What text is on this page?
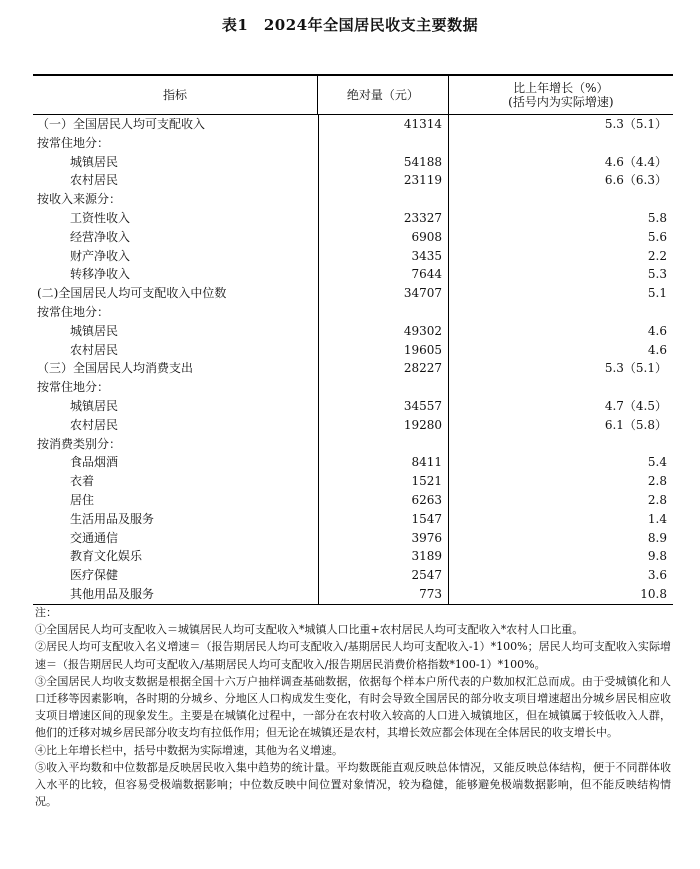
表1　2024年全国居民收支主要数据
指标	绝对量（元）	比上年增长（%）
(括号内为实际增速)
（一）全国居民人均可支配收入	41314	5.3（5.1）
按常住地分：
城镇居民	54188	4.6（4.4）
农村居民	23119	6.6（6.3）
按收入来源分：
工资性收入	23327	5.8
经营净收入	6908	5.6
财产净收入	3435	2.2
转移净收入	7644	5.3
(二)全国居民人均可支配收入中位数	34707	5.1
按常住地分：
城镇居民	49302	4.6
农村居民	19605	4.6
（三）全国居民人均消费支出	28227	5.3（5.1）
按常住地分：
城镇居民	34557	4.7（4.5）
农村居民	19280	6.1（5.8）
按消费类别分：
食品烟酒	8411	5.4
衣着	1521	2.8
居住	6263	2.8
生活用品及服务	1547	1.4
交通通信	3976	8.9
教育文化娱乐	3189	9.8
医疗保健	2547	3.6
其他用品及服务	773	10.8

注：

①全国居民人均可支配收入＝城镇居民人均可支配收入*城镇人口比重+农村居民人均可支配收入*农村人口比重。

②居民人均可支配收入名义增速＝（报告期居民人均可支配收入/基期居民人均可支配收入-1）*100%；居民人均可支配收入实际增速＝（报告期居民人均可支配收入/基期居民人均可支配收入/报告期居民消费价格指数*100-1）*100%。

③全国居民人均收支数据是根据全国十六万户抽样调查基础数据，依据每个样本户所代表的户数加权汇总而成。由于受城镇化和人口迁移等因素影响，各时期的分城乡、分地区人口构成发生变化，有时会导致全国居民的部分收支项目增速超出分城乡居民相应收支项目增速区间的现象发生。主要是在城镇化过程中，一部分在农村收入较高的人口进入城镇地区，但在城镇属于较低收入人群，他们的迁移对城乡居民部分收支均有拉低作用；但无论在城镇还是农村，其增长效应都会体现在全体居民的收支增长中。

④比上年增长栏中，括号中数据为实际增速，其他为名义增速。

⑤收入平均数和中位数都是反映居民收入集中趋势的统计量。平均数既能直观反映总体情况，又能反映总体结构，便于不同群体收入水平的比较，但容易受极端数据影响；中位数反映中间位置对象情况，较为稳健，能够避免极端数据影响，但不能反映结构情况。
